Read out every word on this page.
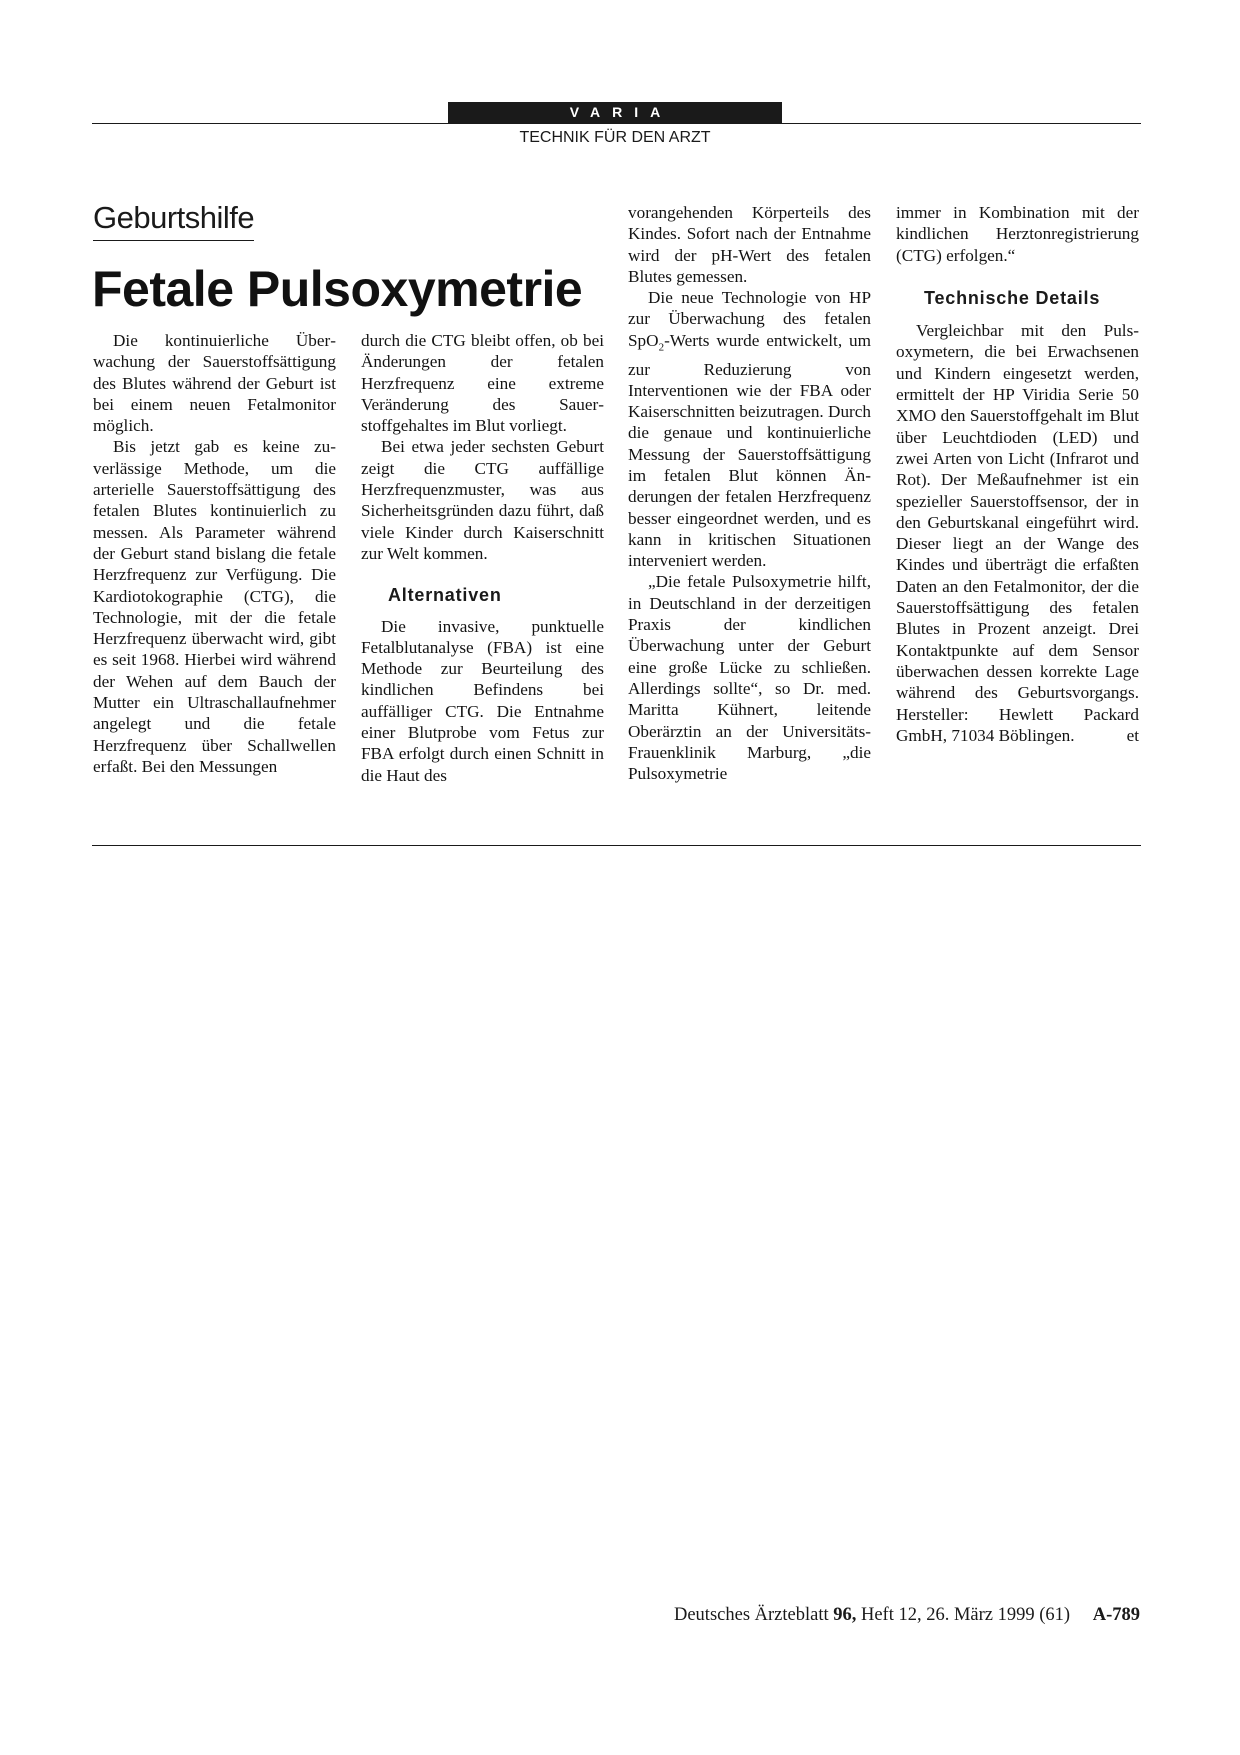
VARIA
TECHNIK FÜR DEN ARZT
Geburtshilfe
Fetale Pulsoxymetrie

Die kontinuierliche Überwachung der Sauerstoffsättigung des Blutes während der Geburt ist bei einem neuen Fetalmonitor möglich.

Bis jetzt gab es keine zuverlässige Methode, um die arterielle Sauerstoffsättigung des fetalen Blutes kontinuierlich zu messen. Als Parameter während der Geburt stand bislang die fetale Herzfrequenz zur Verfügung. Die Kardiotokographie (CTG), die Technologie, mit der die fetale Herzfrequenz überwacht wird, gibt es seit 1968. Hierbei wird während der Wehen auf dem Bauch der Mutter ein Ultraschallaufnehmer angelegt und die fetale Herzfrequenz über Schallwellen erfaßt. Bei den Messungen

durch die CTG bleibt offen, ob bei Änderungen der fetalen Herzfrequenz eine extreme Veränderung des Sauerstoffgehaltes im Blut vorliegt.

Bei etwa jeder sechsten Geburt zeigt die CTG auffällige Herzfrequenzmuster, was aus Sicherheitsgründen dazu führt, daß viele Kinder durch Kaiserschnitt zur Welt kommen.

Alternativen

Die invasive, punktuelle Fetalblutanalyse (FBA) ist eine Methode zur Beurteilung des kindlichen Befindens bei auffälliger CTG. Die Entnahme einer Blutprobe vom Fetus zur FBA erfolgt durch einen Schnitt in die Haut des

vorangehenden Körperteils des Kindes. Sofort nach der Entnahme wird der pH-Wert des fetalen Blutes gemessen.

Die neue Technologie von HP zur Überwachung des fetalen SpO$_2$-Werts wurde entwickelt, um zur Reduzierung von Interventionen wie der FBA oder Kaiserschnitten beizutragen. Durch die genaue und kontinuierliche Messung der Sauerstoffsättigung im fetalen Blut können Änderungen der fetalen Herzfrequenz besser eingeordnet werden, und es kann in kritischen Situationen interveniert werden.

„Die fetale Pulsoxymetrie hilft, in Deutschland in der derzeitigen Praxis der kindlichen Überwachung unter der Geburt eine große Lücke zu schließen. Allerdings sollte“, so Dr. med. Maritta Kühnert, leitende Oberärztin an der Universitäts-Frauenklinik Marburg, „die Pulsoxymetrie

immer in Kombination mit der kindlichen Herztonregistrierung (CTG) erfolgen.“

Technische Details

Vergleichbar mit den Pulsoxymetern, die bei Erwachsenen und Kindern eingesetzt werden, ermittelt der HP Viridia Serie 50 XMO den Sauerstoffgehalt im Blut über Leuchtdioden (LED) und zwei Arten von Licht (Infrarot und Rot). Der Meßaufnehmer ist ein spezieller Sauerstoffsensor, der in den Geburtskanal eingeführt wird. Dieser liegt an der Wange des Kindes und überträgt die erfaßten Daten an den Fetalmonitor, der die Sauerstoffsättigung des fetalen Blutes in Prozent anzeigt. Drei Kontaktpunkte auf dem Sensor überwachen dessen korrekte Lage während des Geburtsvorgangs. Hersteller: Hewlett Packard GmbH, 71034 Böblingen.	et

Deutsches Ärzteblatt 96, Heft 12, 26. März 1999 (61) A-789
